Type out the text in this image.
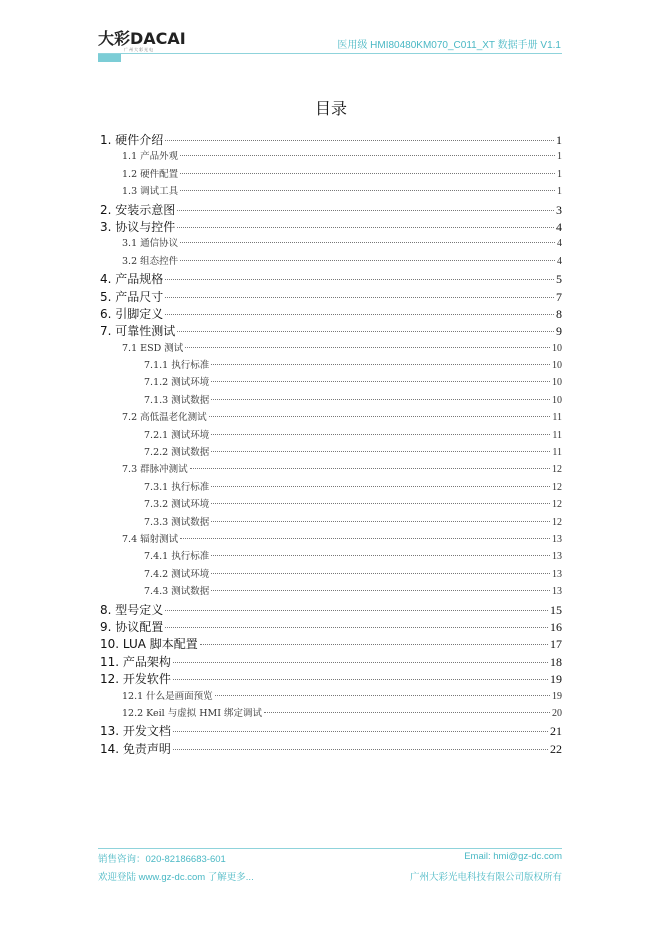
大彩DACAI
广州大彩光电	医用级 HMI80480KM070_C011_XT 数据手册 V1.1
目录
1. 硬件介绍	1
1.1 产品外观	1
1.2 硬件配置	1
1.3 调试工具	1
2. 安装示意图	3
3. 协议与控件	4
3.1 通信协议	4
3.2 组态控件	4
4. 产品规格	5
5. 产品尺寸	7
6. 引脚定义	8
7. 可靠性测试	9
7.1 ESD 测试	10
7.1.1 执行标准	10
7.1.2 测试环境	10
7.1.3 测试数据	10
7.2 高低温老化测试	11
7.2.1 测试环境	11
7.2.2 测试数据	11
7.3 群脉冲测试	12
7.3.1 执行标准	12
7.3.2 测试环境	12
7.3.3 测试数据	12
7.4 辐射测试	13
7.4.1 执行标准	13
7.4.2 测试环境	13
7.4.3 测试数据	13
8. 型号定义	15
9. 协议配置	16
10. LUA 脚本配置	17
11. 产品架构	18
12. 开发软件	19
12.1 什么是画面预览	19
12.2 Keil 与虚拟 HMI 绑定调试	20
13. 开发文档	21
14. 免责声明	22
销售咨询：020-82186683-601	Email: hmi@gz-dc.com
欢迎登陆 www.gz-dc.com 了解更多...	广州大彩光电科技有限公司版权所有
